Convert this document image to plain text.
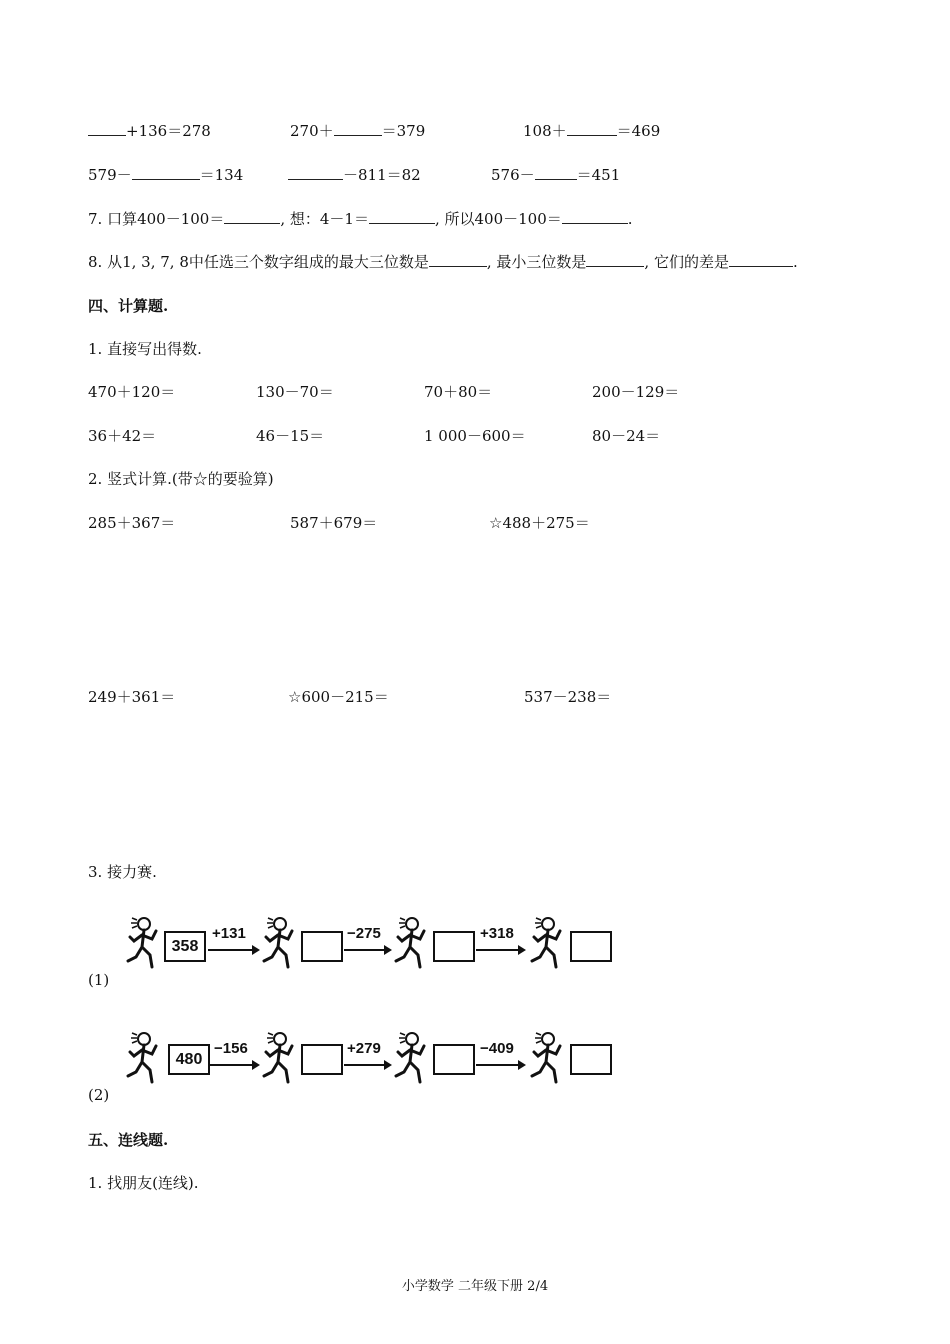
+136＝278	270＋	＝379	108＋	＝469
579－	＝134	－811＝82	576－	＝451
7. 口算400－100＝	, 想：4－1＝	, 所以400－100＝	.
8. 从1, 3, 7, 8中任选三个数字组成的最大三位数是	, 最小三位数是	, 它们的差是	.
四、计算题.
1. 直接写出得数.
470＋120＝	130－70＝	70＋80＝	200－129＝
36＋42＝	46－15＝	1 000－600＝	80－24＝
2. 竖式计算.(带☆的要验算)
285＋367＝	587＋679＝	☆488＋275＝
249＋361＝	☆600－215＝	537－238＝
3. 接力赛.
358
+131	−275	+318
(1)
480
−156	+279	−409
(2)
五、连线题.
1. 找朋友(连线).
小学数学 二年级下册 2/4
